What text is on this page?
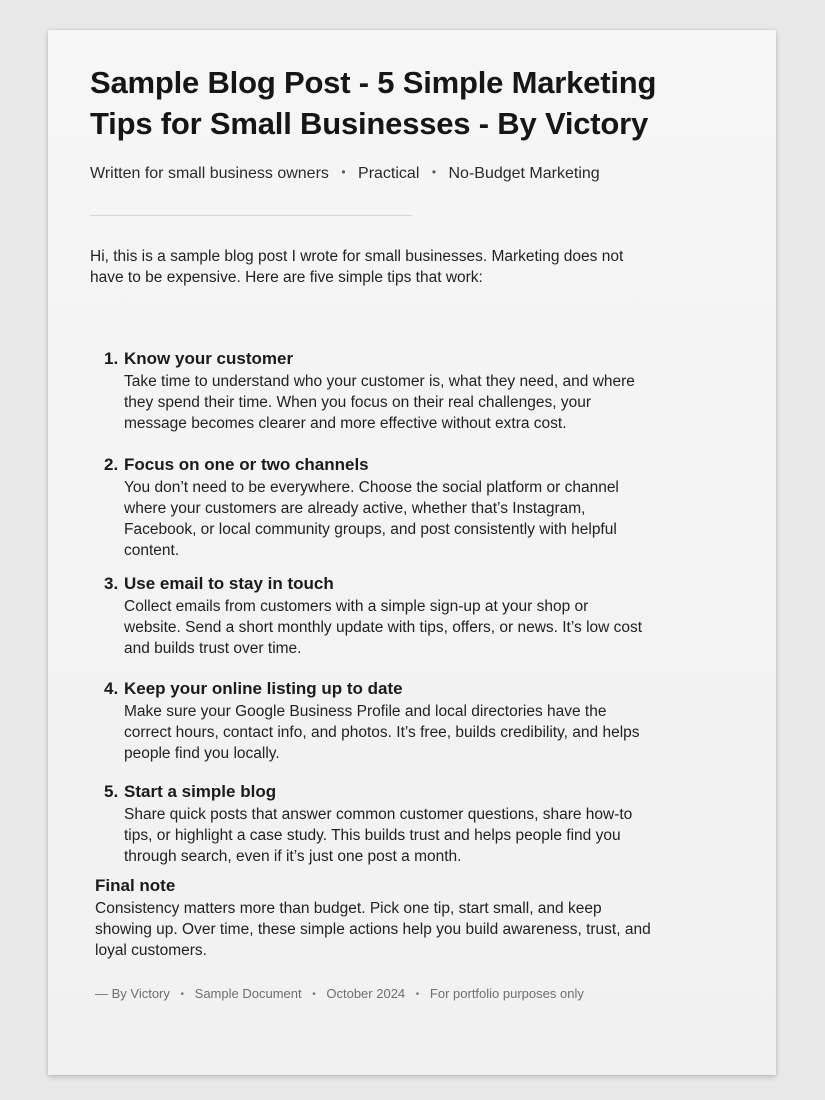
Sample Blog Post - 5 Simple Marketing Tips for Small Businesses - By Victory
Written for small business owners • Practical • No-Budget Marketing

Hi, this is a sample blog post I wrote for small businesses. Marketing does not have to be expensive. Here are five simple tips that work:

1. Know your customer
Take time to understand who your customer is, what they need, and where they spend their time. When you focus on their real challenges, your message becomes clearer and more effective without extra cost.
2. Focus on one or two channels
You don’t need to be everywhere. Choose the social platform or channel where your customers are already active, whether that’s Instagram, Facebook, or local community groups, and post consistently with helpful content.
3. Use email to stay in touch
Collect emails from customers with a simple sign-up at your shop or website. Send a short monthly update with tips, offers, or news. It’s low cost and builds trust over time.
4. Keep your online listing up to date
Make sure your Google Business Profile and local directories have the correct hours, contact info, and photos. It’s free, builds credibility, and helps people find you locally.
5. Start a simple blog
Share quick posts that answer common customer questions, share how-to tips, or highlight a case study. This builds trust and helps people find you through search, even if it’s just one post a month.
Final note
Consistency matters more than budget. Pick one tip, start small, and keep showing up. Over time, these simple actions help you build awareness, trust, and loyal customers.
— By Victory • Sample Document • October 2024 • For portfolio purposes only
